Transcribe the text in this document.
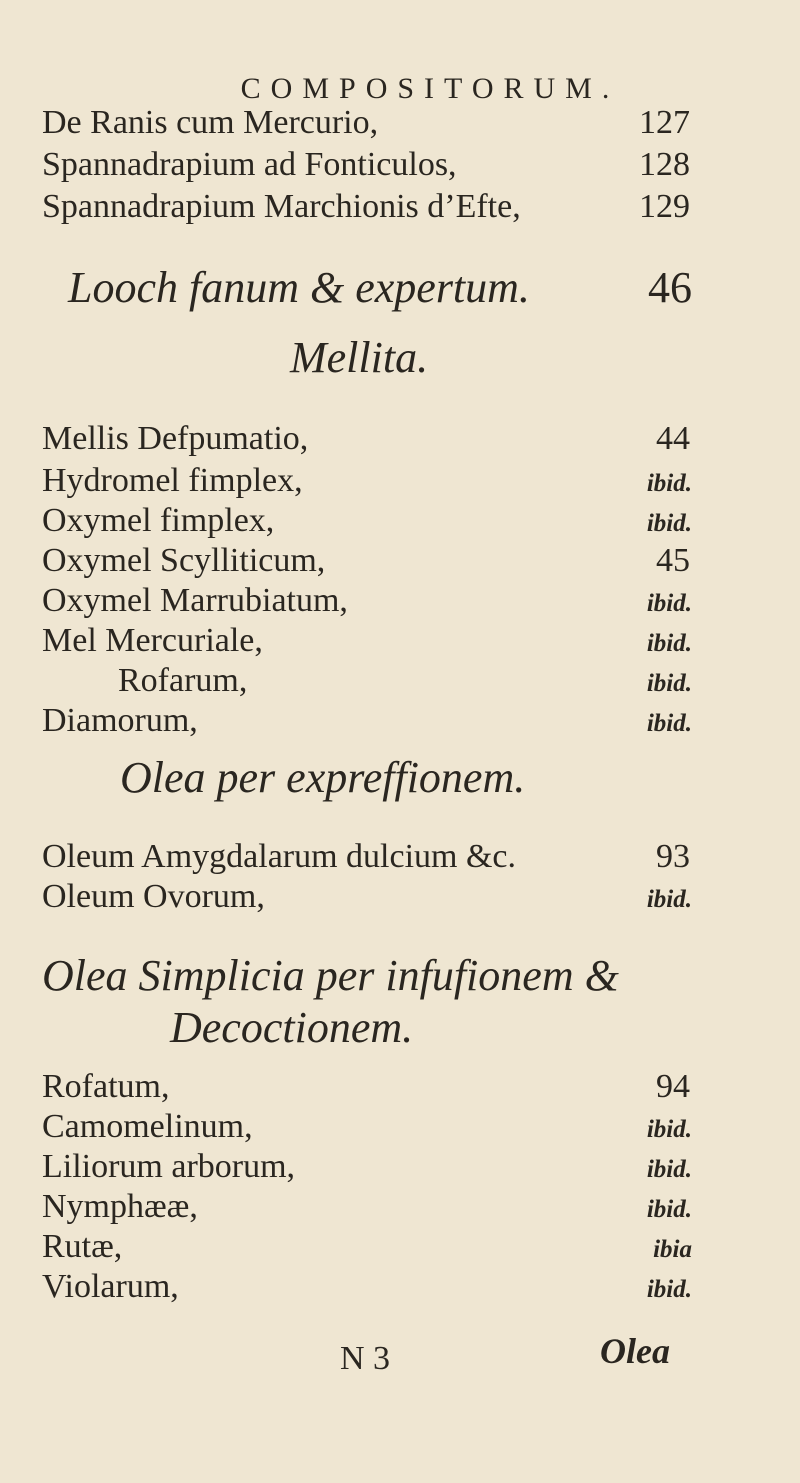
COMPOSITORUM.
De Ranis cum Mercurio,	127
Spannadrapium ad Fonticulos,	128
Spannadrapium Marchionis d’Efte,	129
Looch fanum & expertum.	46
Mellita.
Mellis Defpumatio,	44
Hydromel fimplex,	ibid.
Oxymel fimplex,	ibid.
Oxymel Scylliticum,	45
Oxymel Marrubiatum,	ibid.
Mel Mercuriale,	ibid.
Rofarum,	ibid.
Diamorum,	ibid.
Olea per expreffionem.
Oleum Amygdalarum dulcium &c.	93
Oleum Ovorum,	ibid.
Olea Simplicia per infufionem &
Decoctionem.
Rofatum,	94
Camomelinum,	ibid.
Liliorum arborum,	ibid.
Nymphææ,	ibid.
Rutæ,	ibia
Violarum,	ibid.
N 3	Olea
